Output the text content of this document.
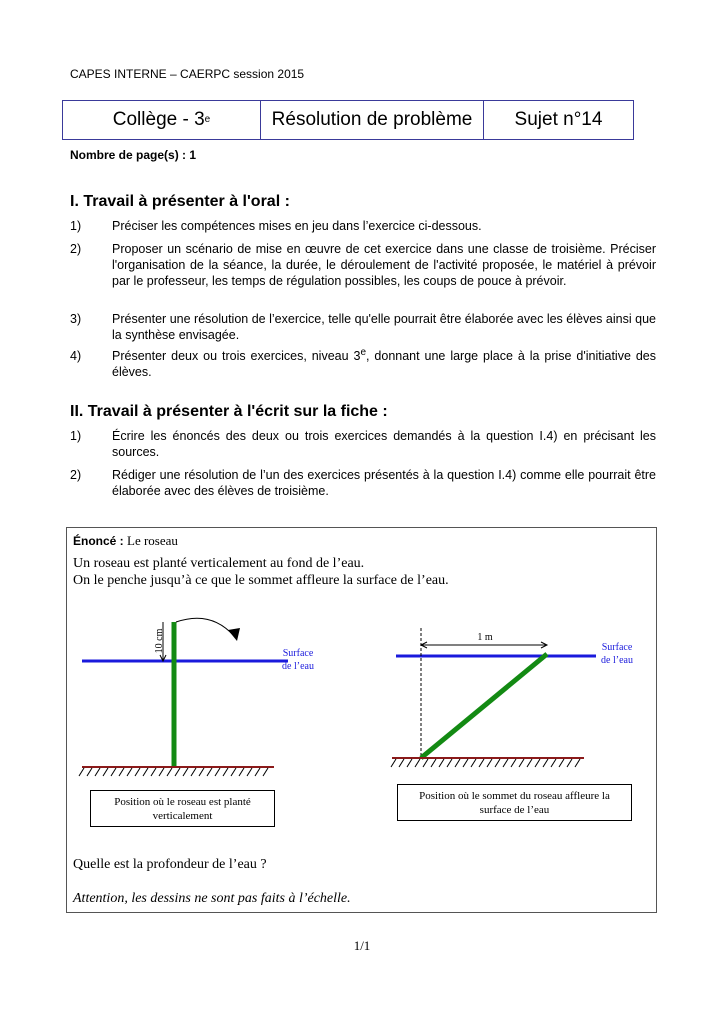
CAPES INTERNE – CAERPC session 2015
Collège - 3 e	Résolution de problème	Sujet n°14
Nombre de page(s) : 1
I. Travail à présenter à l'oral :
1)	Préciser les compétences mises en jeu dans l’exercice ci-dessous.
2)	Proposer un scénario de mise en œuvre de cet exercice dans une classe de troisième. Préciser l'organisation de la séance, la durée, le déroulement de l'activité proposée, le matériel à prévoir par le professeur, les temps de régulation possibles, les coups de pouce à prévoir.
3)	Présenter une résolution de l’exercice, telle qu'elle pourrait être élaborée avec les élèves ainsi que la synthèse envisagée.
4)	Présenter deux ou trois exercices, niveau 3e, donnant une large place à la prise d'initiative des élèves.
II. Travail à présenter à l'écrit sur la fiche :
1)	Écrire les énoncés des deux ou trois exercices demandés à la question I.4) en précisant les sources.
2)	Rédiger une résolution de l’un des exercices présentés à la question I.4) comme elle pourrait être élaborée avec des élèves de troisième.
Énoncé : Le roseau
Un roseau est planté verticalement au fond de l’eau.
On le penche jusqu’à ce que le sommet affleure la surface de l’eau.
10 cm
Surface
de l’eau
1 m
Surface
de l’eau
Position où le roseau est planté
verticalement
Position où le sommet du roseau affleure la
surface de l’eau
Quelle est la profondeur de l’eau ?
Attention, les dessins ne sont pas faits à l’échelle.
1/1
